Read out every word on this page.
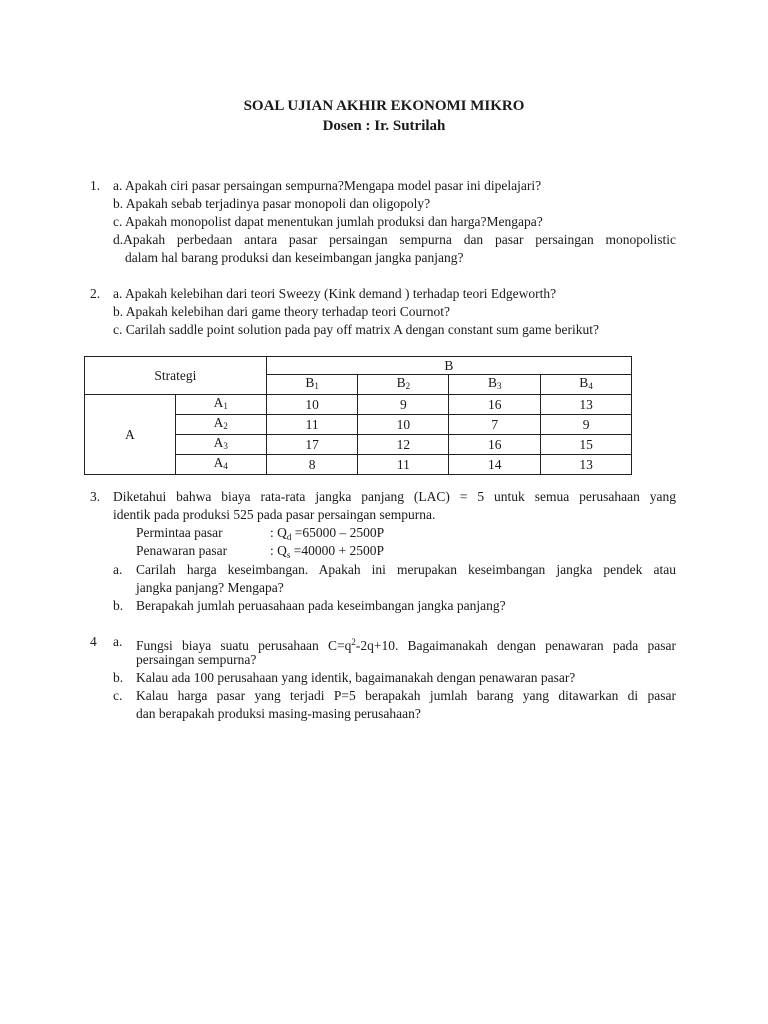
SOAL UJIAN AKHIR EKONOMI MIKRO
Dosen : Ir. Sutrilah
1. a. Apakah ciri pasar persaingan sempurna?Mengapa model pasar ini dipelajari?
b. Apakah sebab terjadinya pasar monopoli dan oligopoly?
c. Apakah monopolist dapat menentukan jumlah produksi dan harga?Mengapa?
d.Apakah perbedaan antara pasar persaingan sempurna dan pasar persaingan monopolistic
dalam hal barang produksi dan keseimbangan jangka panjang?
2. a. Apakah kelebihan dari teori Sweezy (Kink demand ) terhadap teori Edgeworth?
b. Apakah kelebihan dari game theory terhadap teori Cournot?
c. Carilah saddle point solution pada pay off matrix A dengan constant sum game berikut?
Strategi		B			
		$B_1$	$B_2$	$B_3$	$B_4$
A	$A_1$	10	9	16	13
	$A_2$	11	10	7	9
	$A_3$	17	12	16	15
	$A_4$	8	11	14	13
3. Diketahui bahwa biaya rata-rata jangka panjang (LAC) = 5 untuk semua perusahaan yang
identik pada produksi 525 pada pasar persaingan sempurna.
Permintaa pasar	: $Q_d =65000 - 2500P$
Penawaran pasar	: $Q_s =40000 + 2500P$
a. Carilah harga keseimbangan. Apakah ini merupakan keseimbangan jangka pendek atau
jangka panjang? Mengapa?
b. Berapakah jumlah peruasahaan pada keseimbangan jangka panjang?
4 a. Fungsi biaya suatu perusahaan $C=q^2-2q+10$. Bagaimanakah dengan penawaran pada pasar
persaingan sempurna?
b. Kalau ada 100 perusahaan yang identik, bagaimanakah dengan penawaran pasar?
c. Kalau harga pasar yang terjadi P=5 berapakah jumlah barang yang ditawarkan di pasar
dan berapakah produksi masing-masing perusahaan?
